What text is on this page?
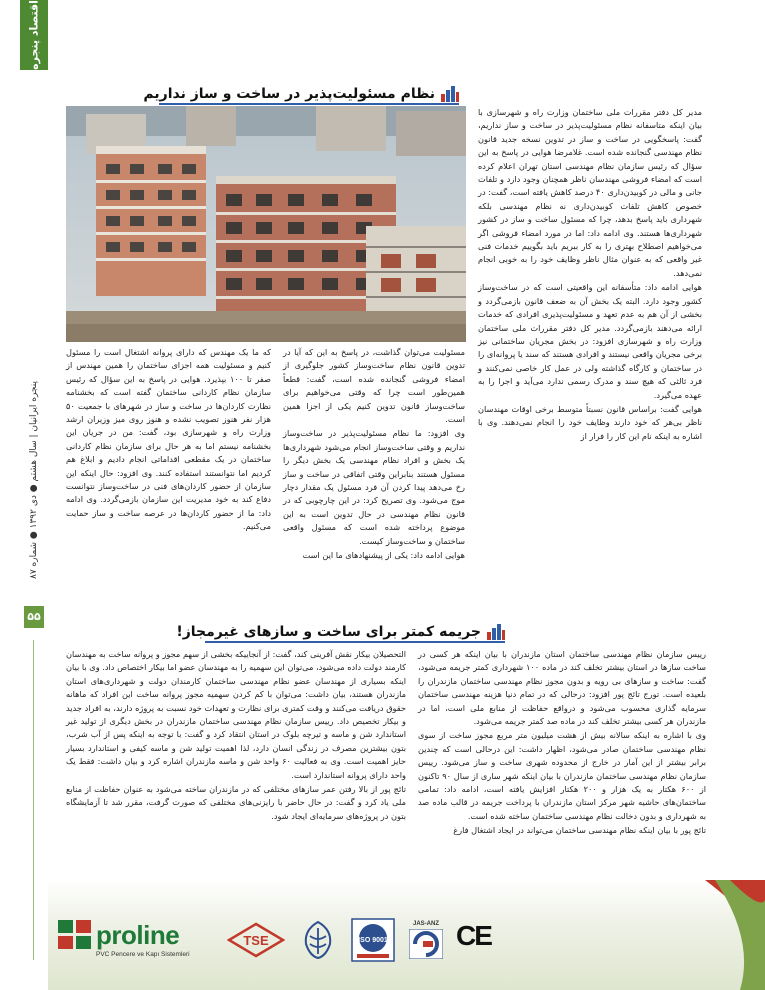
اقتصاد پنجره
پنجره ایرانیان | سال هشتم ● دی ۱۳۹۲ ● شماره ۸۷
۵۵
نظام مسئولیت‌پذیر در ساخت و ساز نداریم

مدیر کل دفتر مقررات ملی ساختمان وزارت راه و شهرسازی با بیان اینکه متاسفانه نظام مسئولیت‌پذیر در ساخت و ساز نداریم، گفت: پاسخگویی در ساخت و ساز در تدوین نسخه جدید قانون نظام مهندسی گنجانده شده است. غلامرضا هوایی در پاسخ به این سؤال که رئیس سازمان نظام مهندسی استان تهران اعلام کرده است که امضاء فروشی مهندسان ناظر همچنان وجود دارد و تلفات جانی و مالی در کوبیدن‌داری ۴۰ درصد کاهش یافته است، گفت: در خصوص کاهش تلفات کوبیدن‌داری نه نظام مهندسی بلکه شهرداری باید پاسخ بدهد، چرا که مسئول ساخت و ساز در کشور شهرداری‌ها هستند. وی ادامه داد: اما در مورد امضاء فروشی اگر می‌خواهیم اصطلاح بهتری را به کار ببریم باید بگوییم خدمات فنی غیر واقعی که به عنوان مثال ناظر وظایف خود را به خوبی انجام نمی‌دهد.

هوایی ادامه داد: متأسفانه این واقعیتی است که در ساخت‌وساز کشور وجود دارد. البته یک بخش آن به ضعف قانون بازمی‌گردد و بخشی از آن هم به عدم تعهد و مسئولیت‌پذیری افرادی که خدمات ارائه می‌دهند بازمی‌گردد. مدیر کل دفتر مقررات ملی ساختمان وزارت راه و شهرسازی افزود: در بخش مجریان ساختمانی نیز برخی مجریان واقعی نیستند و افرادی هستند که سند یا پروانه‌ای را در ساختمان و کارگاه گذاشته ولی در عمل کار خاصی نمی‌کنند و فرد ثالثی که هیچ سند و مدرک رسمی ندارد می‌آید و اجرا را به عهده می‌گیرد.

هوایی گفت: براساس قانون نسبتاً متوسط برخی اوقات مهندسان ناظر بی‌هر که خود دارند وظایف خود را انجام نمی‌دهند. وی با اشاره به اینکه نام این کار را فرار از

مسئولیت می‌توان گذاشت، در پاسخ به این که آیا در تدوین قانون نظام ساخت‌وساز کشور جلوگیری از امضاء فروشی گنجانده شده است، گفت: قطعاً همین‌طور است چرا که وقتی می‌خواهیم برای ساخت‌وساز قانون تدوین کنیم یکی از اجزا همین است.

وی افزود: ما نظام مسئولیت‌پذیر در ساخت‌وساز نداریم و وقتی ساخت‌وساز انجام می‌شود شهرداری‌ها یک بخش و افراد نظام مهندسی یک بخش دیگر را مسئول هستند بنابراین وقتی اتفاقی در ساخت و ساز رخ می‌دهد پیدا کردن آن فرد مسئول یک مقدار دچار موج می‌شود. وی تصریح کرد: در این چارچوبی که در قانون نظام مهندسی در حال تدوین است به این موضوع پرداخته شده است که مسئول واقعی ساختمان و ساخت‌وساز کیست.

هوایی ادامه داد: یکی از پیشنهادهای ما این است

که ما یک مهندس که دارای پروانه اشتغال است را مسئول کنیم و مسئولیت همه اجزای ساختمان را همین مهندس از صفر تا ۱۰۰ بپذیرد. هوایی در پاسخ به این سؤال که رئیس سازمان نظام کاردانی ساختمان گفته است که بخشنامه نظارت کاردان‌ها در ساخت و ساز در شهرهای با جمعیت ۵۰ هزار نفر هنوز تصویب نشده و هنوز روی میز وزیران ارشد وزارت راه و شهرسازی بود، گفت: من در جریان این بخشنامه نیستم اما به هر حال برای سازمان نظام کاردانی ساختمان در یک مقطعی اقداماتی انجام دادیم و ابلاغ هم کردیم اما نتوانستند استفاده کنند. وی افزود: حال اینکه این سازمان از حضور کاردان‌های فنی در ساخت‌وساز نتوانست دفاع کند به خود مدیریت این سازمان بازمی‌گردد. وی ادامه داد: ما از حضور کاردان‌ها در عرصه ساخت و ساز حمایت می‌کنیم.

جریمه کمتر برای ساخت و سازهای غیرمجاز!

رییس سازمان نظام مهندسی ساختمان استان مازندران با بیان اینکه هر کسی در ساخت سازها در استان بیشتر تخلف کند در ماده ۱۰۰ شهرداری کمتر جریمه می‌شود، گفت: ساخت و سازهای بی رویه و بدون مجوز نظام مهندسی ساختمان مازندران را بلعیده است. تورج تائج پور افزود: درحالی که در تمام دنیا هزینه مهندسی ساختمان سرمایه گذاری محسوب می‌شود و درواقع حفاظت از منابع ملی است، اما در مازندران هر کسی بیشتر تخلف کند در ماده صد کمتر جریمه می‌شود.

وی با اشاره به اینکه سالانه بیش از هشت میلیون متر مربع مجوز ساخت از سوی نظام مهندسی ساختمان صادر می‌شود، اظهار داشت: این درحالی است که چندین برابر بیشتر از این آمار در خارج از محدوده شهری ساخت و ساز می‌شود. رییس سازمان نظام مهندسی ساختمان مازندران با بیان اینکه شهر ساری از سال ۹۰ تاکنون از ۶۰۰ هکتار به یک هزار و ۲۰۰ هکتار افزایش یافته است، ادامه داد: تمامی ساختمان‌های حاشیه شهر مرکز استان مازندران با پرداخت جریمه در قالب ماده صد به شهرداری و بدون دخالت نظام مهندسی ساختمان ساخته شده است.

تائج پور با بیان اینکه نظام مهندسی ساختمان می‌تواند در ایجاد اشتغال فارغ

التحصیلان بیکار نقش آفرینی کند، گفت: از آنجاییکه بخشی از سهم مجوز و پروانه ساخت به مهندسان کارمند دولت داده می‌شود، می‌توان این سهمیه را به مهندسان عضو اما بیکار اختصاص داد. وی با بیان اینکه بسیاری از مهندسان عضو نظام مهندسی ساختمان کارمندان دولت و شهرداری‌های استان مازندران هستند، بیان داشت: می‌توان با کم کردن سهمیه مجوز پروانه ساخت این افراد که ماهانه حقوق دریافت می‌کنند و وقت کمتری برای نظارت و تعهدات خود نسبت به پروژه دارند، به افراد جدید و بیکار تخصیص داد. رییس سازمان نظام مهندسی ساختمان مازندران در بخش دیگری از تولید غیر استاندارد شن و ماسه و تیرچه بلوک در استان انتقاد کرد و گفت: با توجه به اینکه پس از آب شرب، بتون بیشترین مصرف در زندگی انسان دارد، لذا اهمیت تولید شن و ماسه کیفی و استاندارد بسیار حایز اهمیت است. وی به فعالیت ۶۰ واحد شن و ماسه مازندران اشاره کرد و بیان داشت: فقط یک واحد دارای پروانه استاندارد است.

تائج پور از بالا رفتن عمر سازهای مختلفی که در مازندران ساخته می‌شود به عنوان حفاظت از منابع ملی یاد کرد و گفت: در حال حاضر با رایزنی‌های مختلفی که صورت گرفت، مقرر شد تا آزمایشگاه بتون در پروژه‌های سرمایه‌ای ایجاد شود.

proline
PVC Pencere ve Kapı Sistemleri
TSE	ISO 9001
JAS-ANZ CE
